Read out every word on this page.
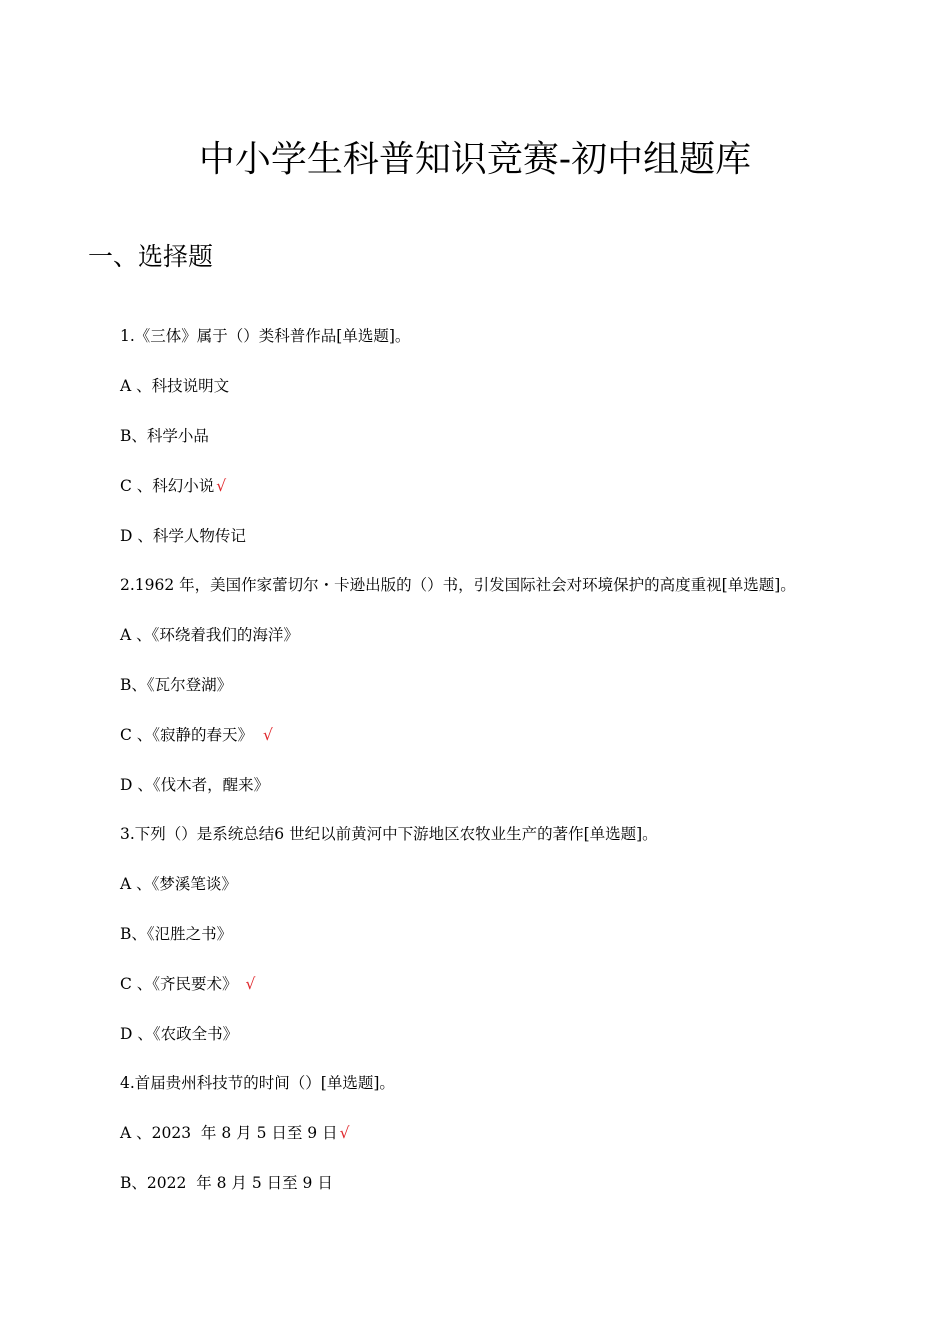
中小学生科普知识竞赛-初中组题库
一、选择题
1.《三体》属于（）类科普作品[单选题]。
A 、科技说明文
B、科学小品
C 、科幻小说 √
D 、科学人物传记
2.1962 年，美国作家蕾切尔・卡逊出版的（）书，引发国际社会对环境保护的高度重视[单选题]。
A 、《环绕着我们的海洋》
B、《瓦尔登湖》
C 、《寂静的春天》 √
D 、《伐木者，醒来》
3.下列（）是系统总结6 世纪以前黄河中下游地区农牧业生产的著作[单选题]。
A 、《梦溪笔谈》
B、《氾胜之书》
C 、《齐民要术》 √
D 、《农政全书》
4.首届贵州科技节的时间（）[单选题]。
A 、2023  年 8 月 5 日至 9 日 √
B、2022  年 8 月 5 日至 9 日
